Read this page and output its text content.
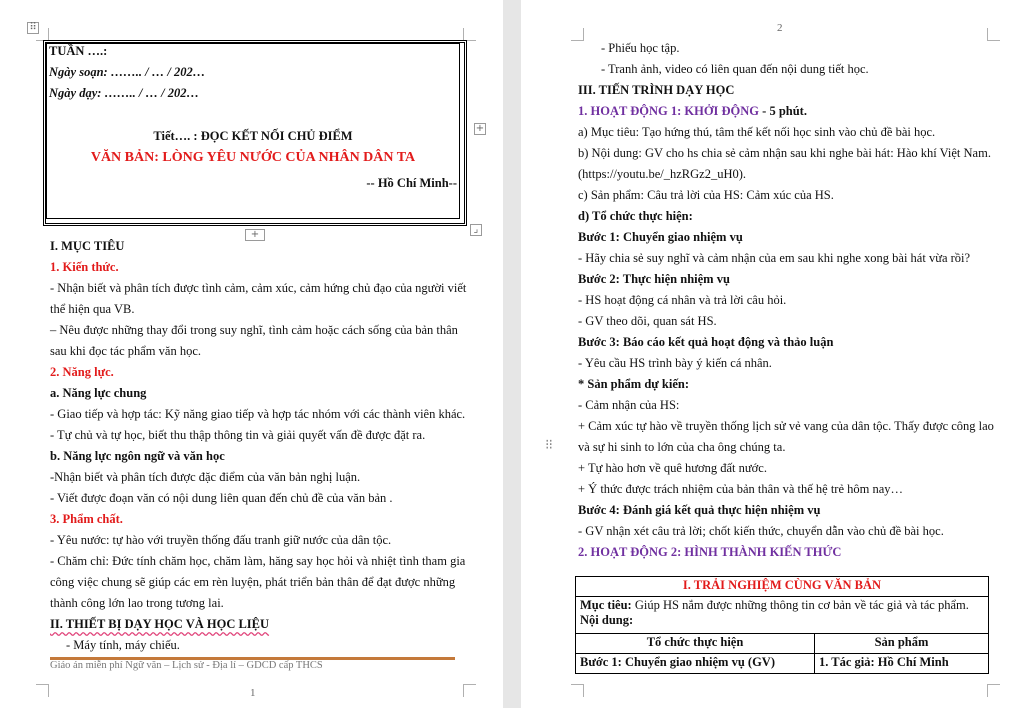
⠿
+
+	⌟
TUẦN ….:
Ngày soạn: …….. / … / 202…
Ngày dạy: …….. / … / 202…
Tiết…. : ĐỌC KẾT NỐI CHỦ ĐIỂM
VĂN BẢN: LÒNG YÊU NƯỚC CỦA NHÂN DÂN TA
-- Hồ Chí Minh--
I. MỤC TIÊU
1. Kiến thức.
- Nhận biết và phân tích được tình cảm, cảm xúc, cảm hứng chủ đạo của người viết
thể hiện qua VB.
– Nêu được những thay đổi trong suy nghĩ, tình cảm hoặc cách sống của bản thân
sau khi đọc tác phẩm văn học.
2. Năng lực.
a. Năng lực chung
- Giao tiếp và hợp tác: Kỹ năng giao tiếp và hợp tác nhóm với các thành viên khác.
- Tự chủ và tự học, biết thu thập thông tin và giải quyết vấn đề được đặt ra.
b. Năng lực ngôn ngữ và văn học
-Nhận biết và phân tích được đặc điểm của văn bản nghị luận.
- Viết được đoạn văn có nội dung liên quan đến chủ đề của văn bản .
3. Phẩm chất.
- Yêu nước: tự hào với truyền thống đấu tranh giữ nước của dân tộc.
- Chăm chỉ: Đức tính chăm học, chăm làm, hăng say học hỏi và nhiệt tình tham gia
công việc chung sẽ giúp các em rèn luyện, phát triển bản thân để đạt được những
thành công lớn lao trong tương lai.
II. THIẾT BỊ DẠY HỌC VÀ HỌC LIỆU
- Máy tính, máy chiếu.
Giáo án miễn phí Ngữ văn – Lịch sử - Địa lí – GDCD cấp THCS
1
2
⁝⁝
- Phiếu học tập.
- Tranh ảnh, video có liên quan đến nội dung tiết học.
III. TIẾN TRÌNH DẠY HỌC
1. HOẠT ĐỘNG 1: KHỞI ĐỘNG - 5 phút.
a) Mục tiêu: Tạo hứng thú, tâm thế kết nối học sinh vào chủ đề bài học.
b) Nội dung: GV cho hs chia sẻ cảm nhận sau khi nghe bài hát: Hào khí Việt Nam.
(https://youtu.be/_hzRGz2_uH0).
c) Sản phẩm: Câu trả lời của HS: Cảm xúc của HS.
d) Tổ chức thực hiện:
Bước 1: Chuyển giao nhiệm vụ
- Hãy chia sẻ suy nghĩ và cảm nhận của em sau khi nghe xong bài hát vừa rồi?
Bước 2: Thực hiện nhiệm vụ
- HS hoạt động cá nhân và trả lời câu hỏi.
- GV theo dõi, quan sát HS.
Bước 3: Báo cáo kết quả hoạt động và thảo luận
- Yêu cầu HS trình bày ý kiến cá nhân.
* Sản phẩm dự kiến:
- Cảm nhận của HS:
+ Cảm xúc tự hào về truyền thống lịch sử vẻ vang của dân tộc. Thấy được công lao
và sự hi sinh to lớn của cha ông chúng ta.
+ Tự hào hơn về quê hương đất nước.
+ Ý thức được trách nhiệm của bản thân và thế hệ trẻ hôm nay…
Bước 4: Đánh giá kết quả thực hiện nhiệm vụ
- GV nhận xét câu trả lời; chốt kiến thức, chuyển dẫn vào chủ đề bài học.
2. HOẠT ĐỘNG 2: HÌNH THÀNH KIẾN THỨC
I. TRẢI NGHIỆM CÙNG VĂN BẢN	
Mục tiêu: Giúp HS nắm được những thông tin cơ bản về tác giả và tác phẩm.
Nội dung:	
Tổ chức thực hiện	Sản phẩm
Bước 1: Chuyển giao nhiệm vụ (GV)	1. Tác giả: Hồ Chí Minh
